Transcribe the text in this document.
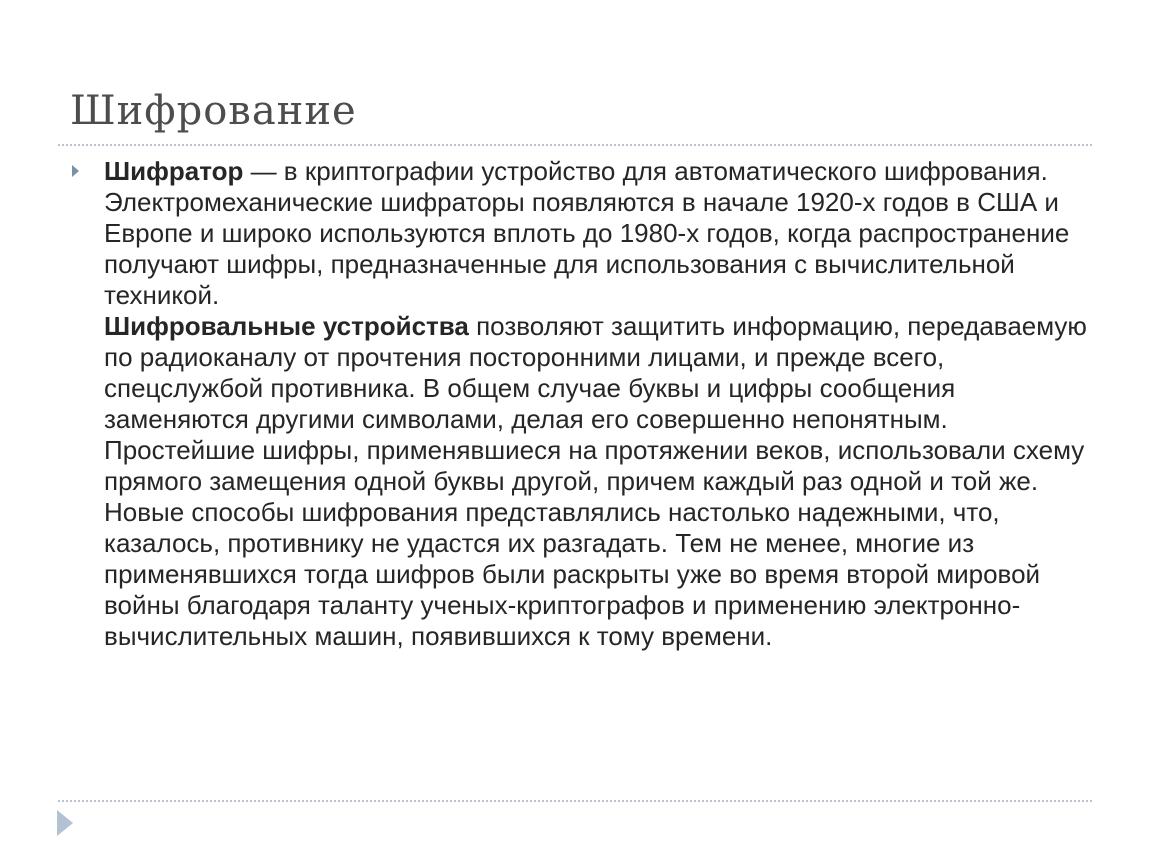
Шифрование

Шифратор — в криптографии устройство для автоматического шифрования. Электромеханические шифраторы появляются в начале 1920-х годов в США и Европе и широко используются вплоть до 1980-х годов, когда распространение получают шифры, предназначенные для использования с вычислительной техникой.

Шифровальные устройства позволяют защитить информацию, передаваемую по радиоканалу от прочтения посторонними лицами, и прежде всего, спецслужбой противника. В общем случае буквы и цифры сообщения заменяются другими символами, делая его совершенно непонятным. Простейшие шифры, применявшиеся на протяжении веков, использовали схему прямого замещения одной буквы другой, причем каждый раз одной и той же.

Новые способы шифрования представлялись настолько надежными, что, казалось, противнику не удастся их разгадать. Тем не менее, многие из применявшихся тогда шифров были раскрыты уже во время второй мировой войны благодаря таланту ученых-криптографов и применению электронно-вычислительных машин, появившихся к тому времени.
